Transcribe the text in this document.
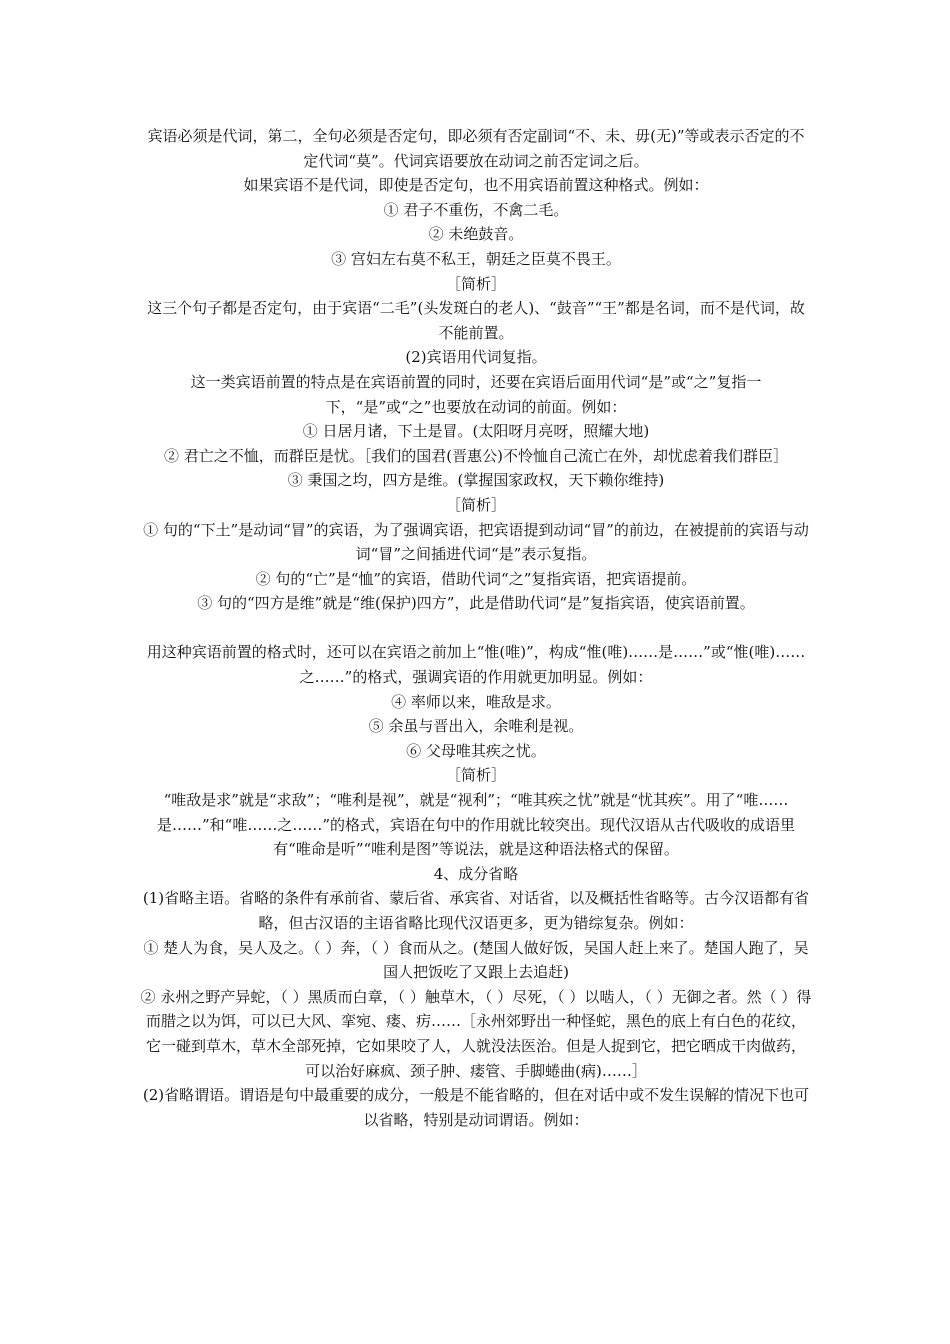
宾语必须是代词，第二，全句必须是否定句，即必须有否定副词“不、未、毋(无)”等或表示否定的不定代词“莫”。代词宾语要放在动词之前否定词之后。

如果宾语不是代词，即使是否定句，也不用宾语前置这种格式。例如：

① 君子不重伤，不禽二毛。

② 未绝鼓音。

③ 宫妇左右莫不私王，朝廷之臣莫不畏王。

［简析］

这三个句子都是否定句，由于宾语“二毛”(头发斑白的老人)、“鼓音”“王”都是名词，而不是代词，故不能前置。

(2)宾语用代词复指。

这一类宾语前置的特点是在宾语前置的同时，还要在宾语后面用代词“是”或“之”复指一下，“是”或“之”也要放在动词的前面。例如：

① 日居月诸，下土是冒。(太阳呀月亮呀，照耀大地)

② 君亡之不恤，而群臣是忧。［我们的国君(晋惠公)不怜恤自己流亡在外，却忧虑着我们群臣］

③ 秉国之均，四方是维。(掌握国家政权，天下赖你维持)

［简析］

① 句的“下土”是动词“冒”的宾语，为了强调宾语，把宾语提到动词“冒”的前边，在被提前的宾语与动词“冒”之间插进代词“是”表示复指。

② 句的“亡”是“恤”的宾语，借助代词“之”复指宾语，把宾语提前。

③ 句的“四方是维”就是“维(保护)四方”，此是借助代词“是”复指宾语，使宾语前置。

用这种宾语前置的格式时，还可以在宾语之前加上“惟(唯)”，构成“惟(唯)……是……”或“惟(唯)……之……”的格式，强调宾语的作用就更加明显。例如：

④ 率师以来，唯敌是求。

⑤ 余虽与晋出入，余唯利是视。

⑥ 父母唯其疾之忧。

［简析］

“唯敌是求”就是“求敌”；“唯利是视”，就是“视利”；“唯其疾之忧”就是“忧其疾”。用了“唯……是……”和“唯……之……”的格式，宾语在句中的作用就比较突出。现代汉语从古代吸收的成语里有“唯命是听”“唯利是图”等说法，就是这种语法格式的保留。

4、成分省略

(1)省略主语。省略的条件有承前省、蒙后省、承宾省、对话省，以及概括性省略等。古今汉语都有省略，但古汉语的主语省略比现代汉语更多，更为错综复杂。例如：

① 楚人为食，吴人及之。（ ）奔，（ ）食而从之。(楚国人做好饭，吴国人赶上来了。楚国人跑了，吴国人把饭吃了又跟上去追赶)

② 永州之野产异蛇，（ ）黑质而白章，（ ）触草木，（ ）尽死，（ ）以啮人，（ ）无御之者。然（ ）得而腊之以为饵，可以已大风、挛宛、瘘、疠……［永州郊野出一种怪蛇，黑色的底上有白色的花纹，它一碰到草木，草木全部死掉，它如果咬了人，人就没法医治。但是人捉到它，把它晒成干肉做药，可以治好麻疯、颈子肿、瘘管、手脚蜷曲(病)……］

(2)省略谓语。谓语是句中最重要的成分，一般是不能省略的，但在对话中或不发生误解的情况下也可以省略，特别是动词谓语。例如：
